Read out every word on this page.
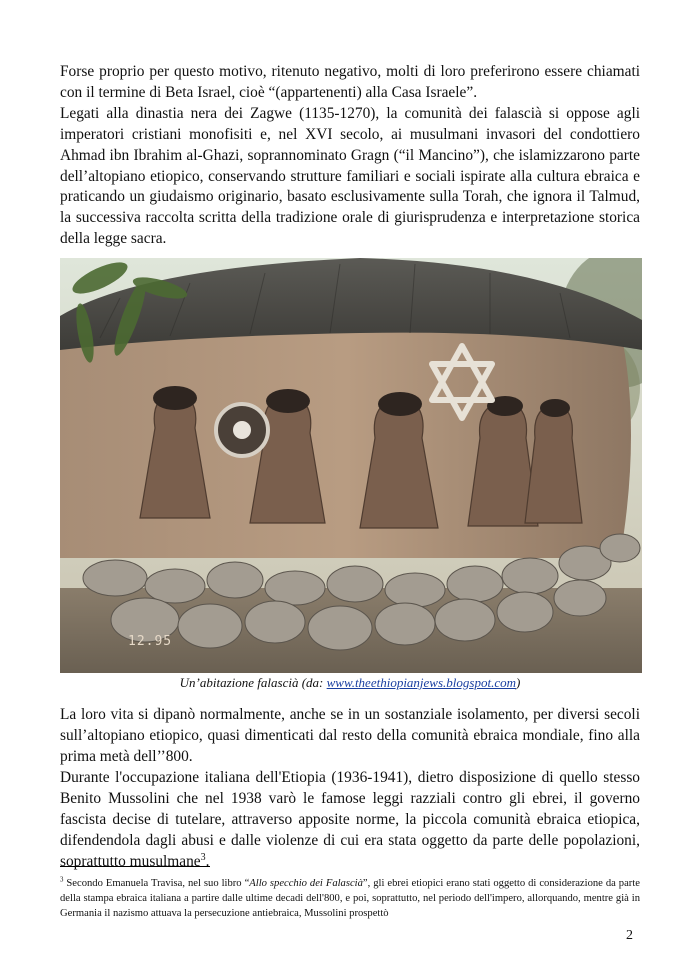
Forse proprio per questo motivo, ritenuto negativo, molti di loro preferirono essere chiamati con il termine di Beta Israel, cioè “(appartenenti) alla Casa Israele”.

Legati alla dinastia nera dei Zagwe (1135-1270), la comunità dei falascià si oppose agli imperatori cristiani monofisiti e, nel XVI secolo, ai musulmani invasori del condottiero Ahmad ibn Ibrahim al-Ghazi, soprannominato Gragn (“il Mancino”), che islamizzarono parte dell’altopiano etiopico, conservando strutture familiari e sociali ispirate alla cultura ebraica e praticando un giudaismo originario, basato esclusivamente sulla Torah, che ignora il Talmud, la successiva raccolta scritta della tradizione orale di giurisprudenza e interpretazione storica della legge sacra.

12.95

Un’abitazione falascià (da: www.theethiopianjews.blogspot.com)

La loro vita si dipanò normalmente, anche se in un sostanziale isolamento, per diversi secoli sull’altopiano etiopico, quasi dimenticati dal resto della comunità ebraica mondiale, fino alla prima metà dell’’800.

Durante l'occupazione italiana dell'Etiopia (1936-1941), dietro disposizione di quello stesso Benito Mussolini che nel 1938 varò le famose leggi razziali contro gli ebrei, il governo fascista decise di tutelare, attraverso apposite norme, la piccola comunità ebraica etiopica, difendendola dagli abusi e dalle violenze di cui era stata oggetto da parte delle popolazioni, soprattutto musulmane$^3$.

$^3$ Secondo Emanuela Travisa, nel suo libro “Allo specchio dei Falascià”, gli ebrei etiopici erano stati oggetto di considerazione da parte della stampa ebraica italiana a partire dalle ultime decadi dell'800, e poi, soprattutto, nel periodo dell'impero, allorquando, mentre già in Germania il nazismo attuava la persecuzione antiebraica, Mussolini prospettò

2
